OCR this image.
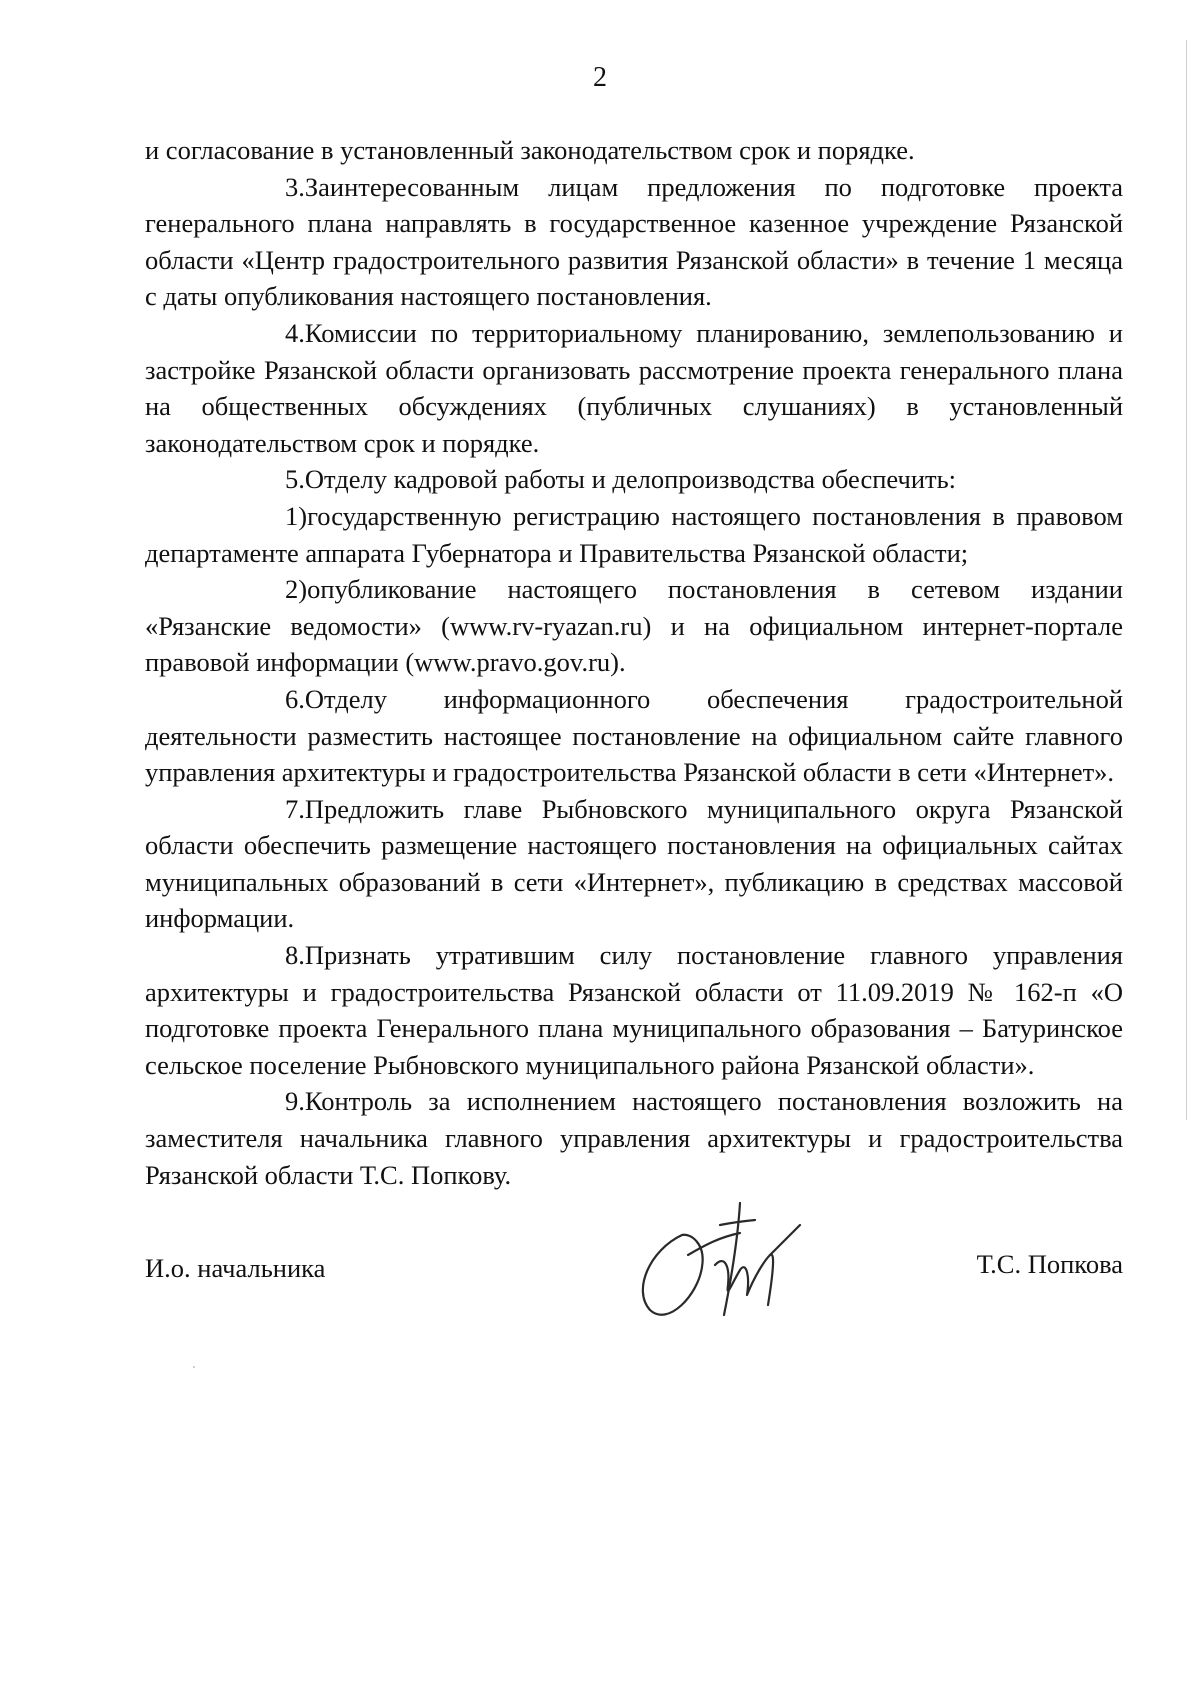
2

и согласование в установленный законодательством срок и порядке.

3.Заинтересованным лицам предложения по подготовке проекта генерального плана направлять в государственное казенное учреждение Рязанской области «Центр градостроительного развития Рязанской области» в течение 1 месяца с даты опубликования настоящего постановления.

4.Комиссии по территориальному планированию, землепользованию и застройке Рязанской области организовать рассмотрение проекта генерального плана на общественных обсуждениях (публичных слушаниях) в установленный законодательством срок и порядке.

5.Отделу кадровой работы и делопроизводства обеспечить:

1)государственную регистрацию настоящего постановления в правовом департаменте аппарата Губернатора и Правительства Рязанской области;

2)опубликование настоящего постановления в сетевом издании «Рязанские ведомости» (www.rv-ryazan.ru) и на официальном интернет-портале правовой информации (www.pravo.gov.ru).

6.Отделу информационного обеспечения градостроительной деятельности разместить настоящее постановление на официальном сайте главного управления архитектуры и градостроительства Рязанской области в сети «Интернет».

7.Предложить главе Рыбновского муниципального округа Рязанской области обеспечить размещение настоящего постановления на официальных сайтах муниципальных образований в сети «Интернет», публикацию в средствах массовой информации.

8.Признать утратившим силу постановление главного управления архитектуры и градостроительства Рязанской области от 11.09.2019 № 162-п «О подготовке проекта Генерального плана муниципального образования – Батуринское сельское поселение Рыбновского муниципального района Рязанской области».

9.Контроль за исполнением настоящего постановления возложить на заместителя начальника главного управления архитектуры и градостроительства Рязанской области Т.С. Попкову.

И.о. начальника	Т.С. Попкова
